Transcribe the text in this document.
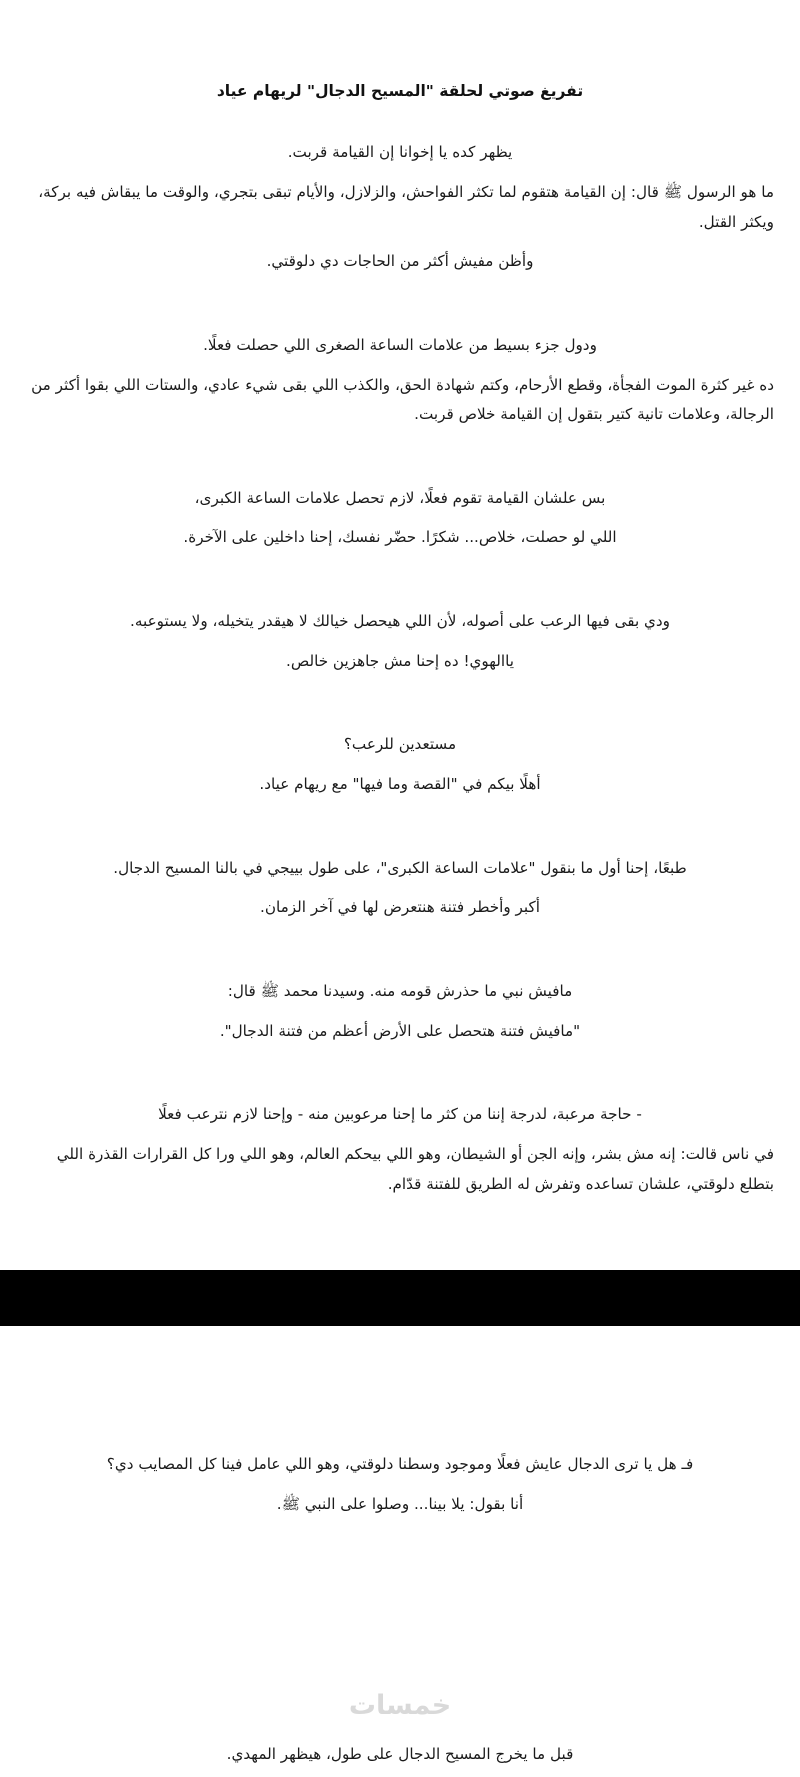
تفريغ صوتي لحلقة "المسيح الدجال" لريهام عياد

يظهر كده يا إخوانا إن القيامة قربت.

ما هو الرسول ﷺ قال: إن القيامة هتقوم لما تكثر الفواحش، والزلازل، والأيام تبقى بتجري، والوقت ما يبقاش فيه بركة، ويكثر القتل.

وأظن مفيش أكثر من الحاجات دي دلوقتي.

ودول جزء بسيط من علامات الساعة الصغرى اللي حصلت فعلًا.

ده غير كثرة الموت الفجأة، وقطع الأرحام، وكتم شهادة الحق، والكذب اللي بقى شيء عادي، والستات اللي بقوا أكثر من الرجالة، وعلامات تانية كتير بتقول إن القيامة خلاص قربت.

بس علشان القيامة تقوم فعلًا، لازم تحصل علامات الساعة الكبرى،

اللي لو حصلت، خلاص... شكرًا. حضّر نفسك، إحنا داخلين على الآخرة.

ودي بقى فيها الرعب على أصوله، لأن اللي هيحصل خيالك لا هيقدر يتخيله، ولا يستوعبه.

ياالهوي! ده إحنا مش جاهزين خالص.

مستعدين للرعب؟

أهلًا بيكم في "القصة وما فيها" مع ريهام عياد.

طبعًا، إحنا أول ما بنقول "علامات الساعة الكبرى"، على طول بييجي في بالنا المسيح الدجال.

أكبر وأخطر فتنة هنتعرض لها في آخر الزمان.

مافيش نبي ما حذرش قومه منه. وسيدنا محمد ﷺ قال:

"مافيش فتنة هتحصل على الأرض أعظم من فتنة الدجال".

- حاجة مرعبة، لدرجة إننا من كثر ما إحنا مرعوبين منه - وإحنا لازم نترعب فعلًا

في ناس قالت: إنه مش بشر، وإنه الجن أو الشيطان، وهو اللي بيحكم العالم، وهو اللي ورا كل القرارات القذرة اللي بتطلع دلوقتي، علشان تساعده وتفرش له الطريق للفتنة قدّام.

فـ هل يا ترى الدجال عايش فعلًا وموجود وسطنا دلوقتي، وهو اللي عامل فينا كل المصايب دي؟

أنا بقول: يلا بينا... وصلوا على النبي ﷺ.

خمسات

قبل ما يخرج المسيح الدجال على طول، هيظهر المهدي.
